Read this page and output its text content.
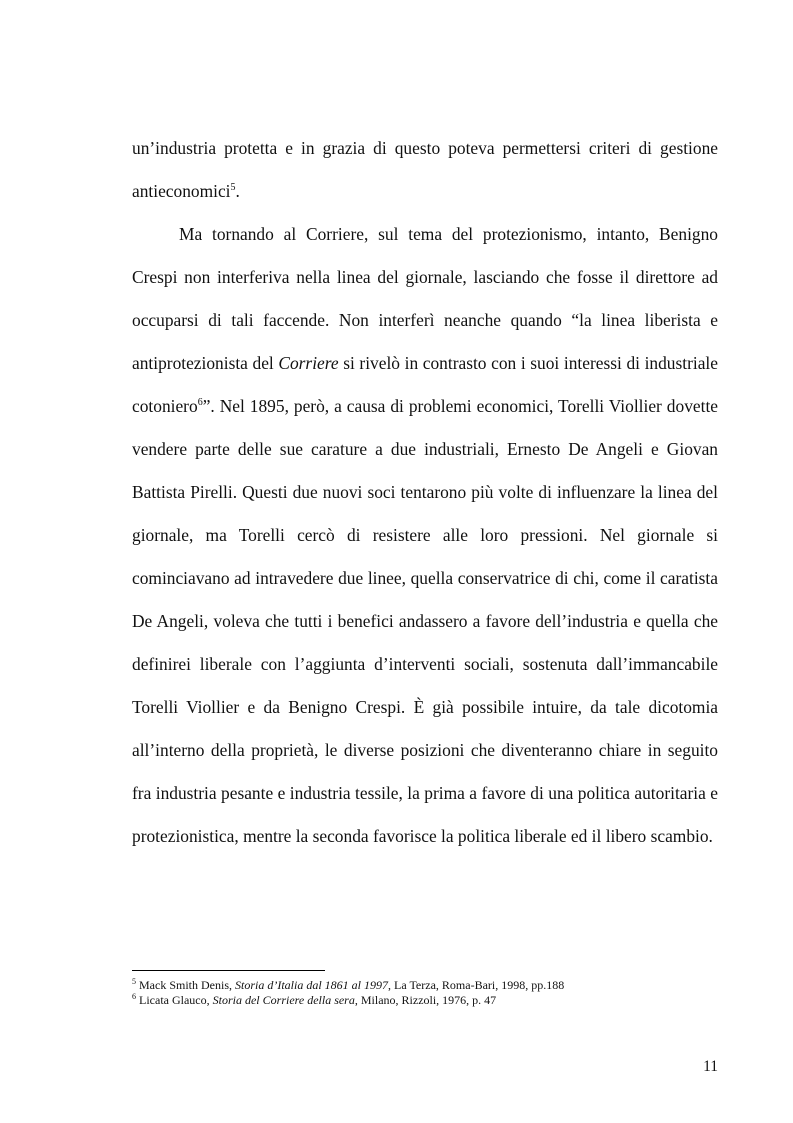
un’industria protetta e in grazia di questo poteva permettersi criteri di gestione antieconomici$^5$.

Ma tornando al Corriere, sul tema del protezionismo, intanto, Benigno Crespi non interferiva nella linea del giornale, lasciando che fosse il direttore ad occuparsi di tali faccende. Non interferì neanche quando “la linea liberista e antiprotezionista del Corriere si rivelò in contrasto con i suoi interessi di industriale cotoniero$^6$”. Nel 1895, però, a causa di problemi economici, Torelli Viollier dovette vendere parte delle sue carature a due industriali, Ernesto De Angeli e Giovan Battista Pirelli. Questi due nuovi soci tentarono più volte di influenzare la linea del giornale, ma Torelli cercò di resistere alle loro pressioni. Nel giornale si cominciavano ad intravedere due linee, quella conservatrice di chi, come il caratista De Angeli, voleva che tutti i benefici andassero a favore dell’industria e quella che definirei liberale con l’aggiunta d’interventi sociali, sostenuta dall’immancabile Torelli Viollier e da Benigno Crespi. È già possibile intuire, da tale dicotomia all’interno della proprietà, le diverse posizioni che diventeranno chiare in seguito fra industria pesante e industria tessile, la prima a favore di una politica autoritaria e protezionistica, mentre la seconda favorisce la politica liberale ed il libero scambio.

$^5$ Mack Smith Denis, Storia d’Italia dal 1861 al 1997, La Terza, Roma-Bari, 1998, pp.188

$^6$ Licata Glauco, Storia del Corriere della sera, Milano, Rizzoli, 1976, p. 47

11
